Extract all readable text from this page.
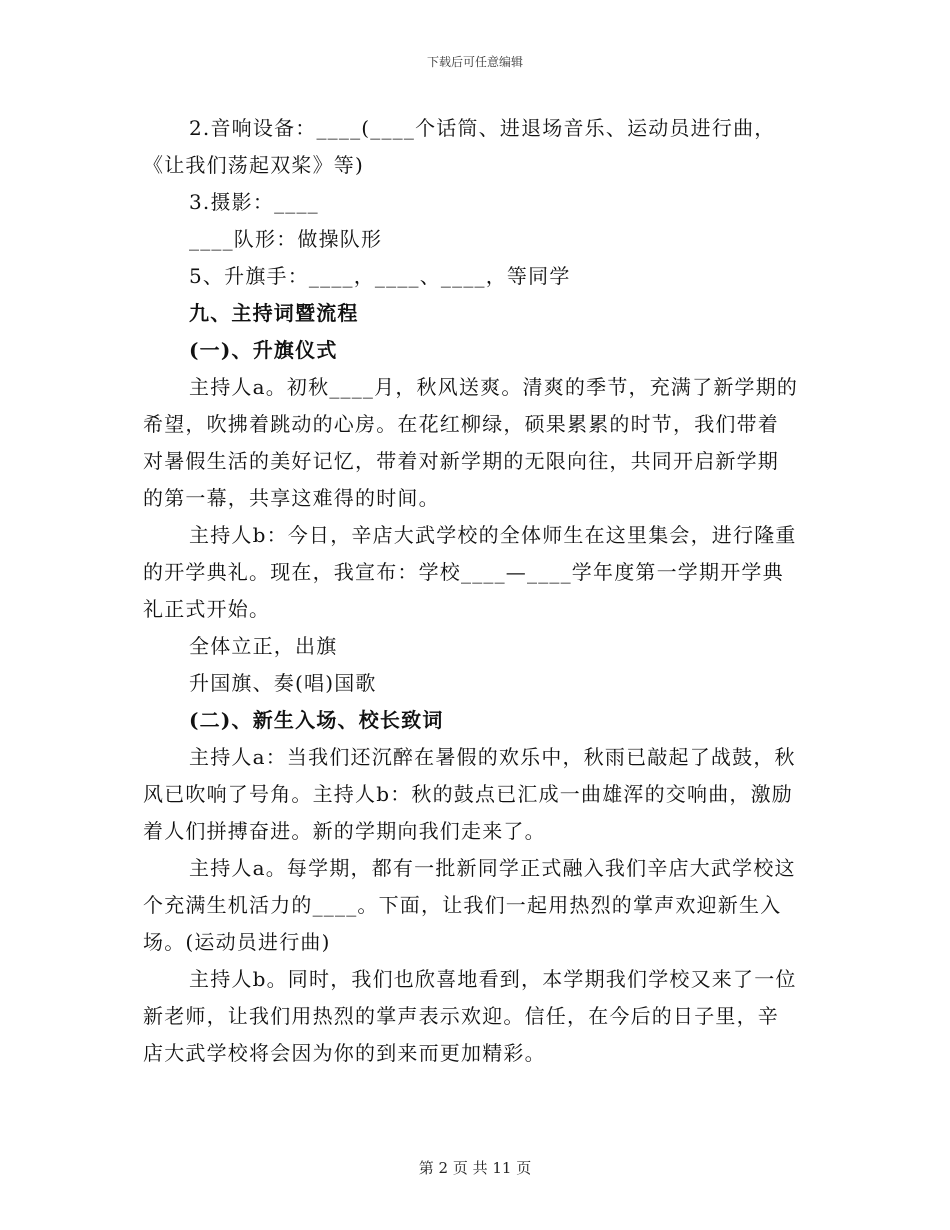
下载后可任意编辑
2.音响设备：____(____个话筒、进退场音乐、运动员进行曲，
《让我们荡起双桨》等)
3.摄影：____
____队形：做操队形
5、升旗手：____，____、____，等同学
九、主持词暨流程
(一)、升旗仪式
主持人a。初秋____月，秋风送爽。清爽的季节，充满了新学期的
希望，吹拂着跳动的心房。在花红柳绿，硕果累累的时节，我们带着
对暑假生活的美好记忆，带着对新学期的无限向往，共同开启新学期
的第一幕，共享这难得的时间。
主持人b：今日，辛店大武学校的全体师生在这里集会，进行隆重
的开学典礼。现在，我宣布：学校____—____学年度第一学期开学典
礼正式开始。
全体立正，出旗
升国旗、奏(唱)国歌
(二)、新生入场、校长致词
主持人a：当我们还沉醉在暑假的欢乐中，秋雨已敲起了战鼓，秋
风已吹响了号角。主持人b：秋的鼓点已汇成一曲雄浑的交响曲，激励
着人们拼搏奋进。新的学期向我们走来了。
主持人a。每学期，都有一批新同学正式融入我们辛店大武学校这
个充满生机活力的____。下面，让我们一起用热烈的掌声欢迎新生入
场。(运动员进行曲)
主持人b。同时，我们也欣喜地看到，本学期我们学校又来了一位
新老师，让我们用热烈的掌声表示欢迎。信任，在今后的日子里，辛
店大武学校将会因为你的到来而更加精彩。
第 2 页 共 11 页
